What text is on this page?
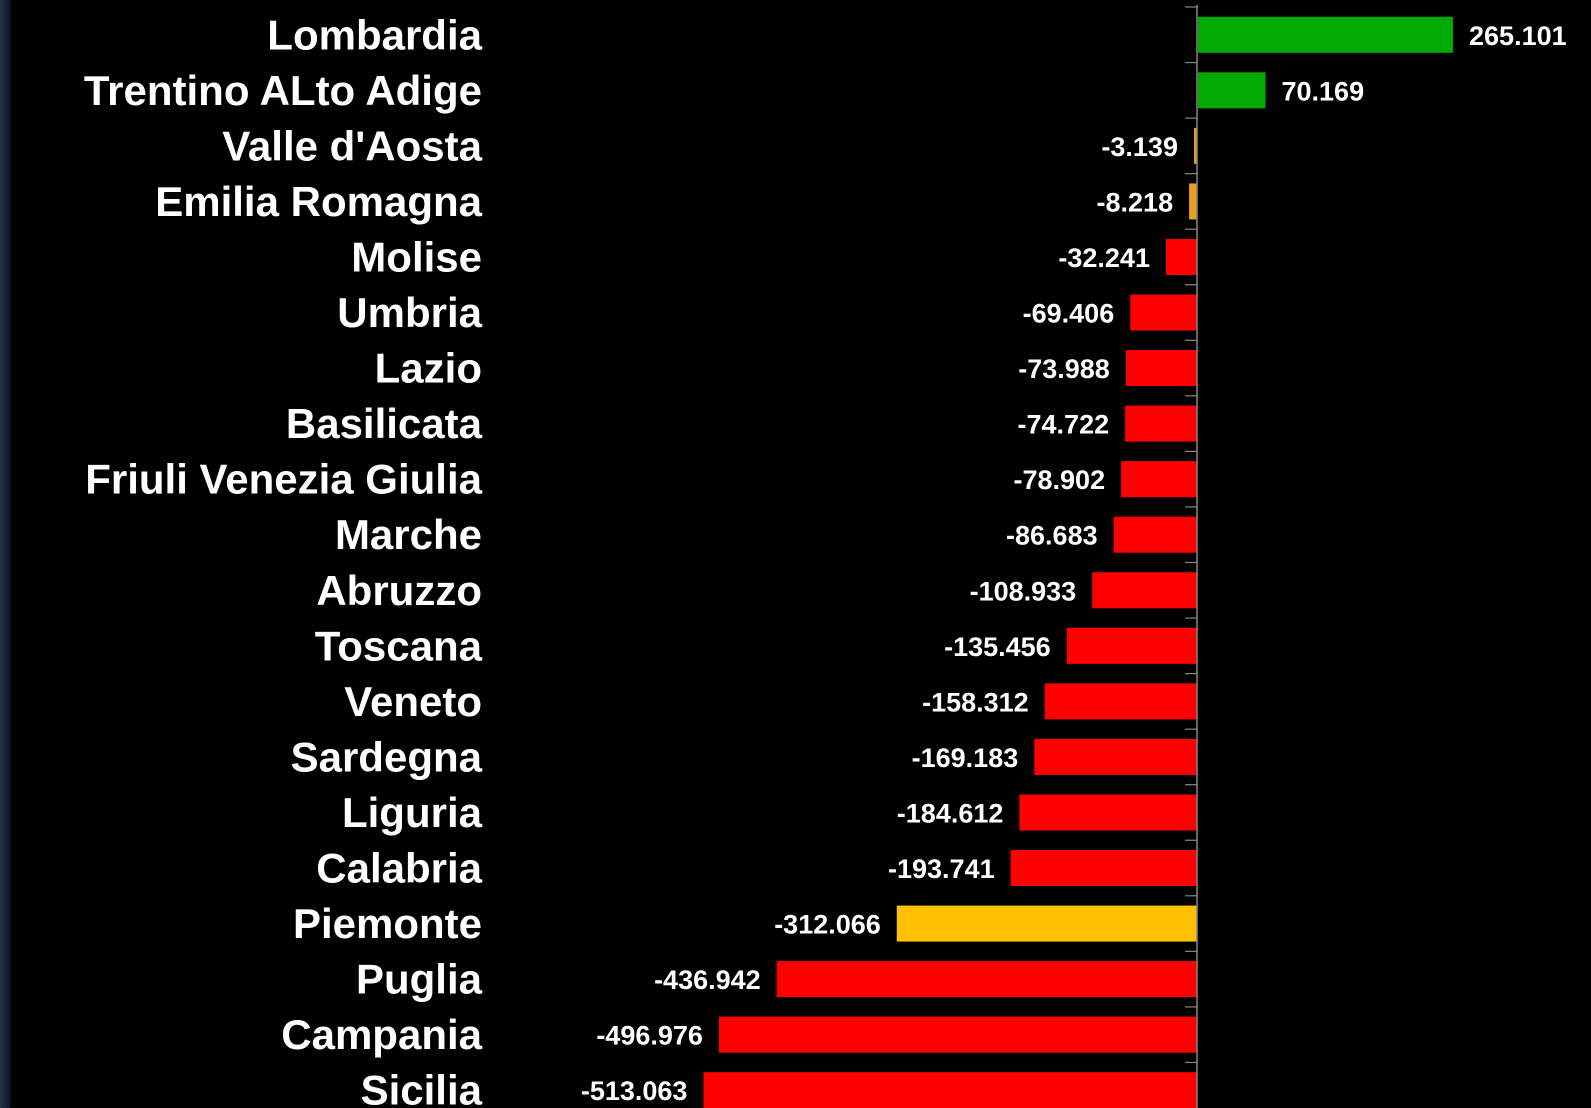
Lombardia
Trentino ALto Adige
Valle d'Aosta
Emilia Romagna
Molise
Umbria
Lazio
Basilicata
Friuli Venezia Giulia
Marche
Abruzzo
Toscana
Veneto
Sardegna
Liguria
Calabria
Piemonte
Puglia
Campania
Sicilia
265.101
70.169
-3.139
-8.218
-32.241
-69.406
-73.988
-74.722
-78.902
-86.683
-108.933
-135.456
-158.312
-169.183
-184.612
-193.741
-312.066
-436.942
-496.976
-513.063
